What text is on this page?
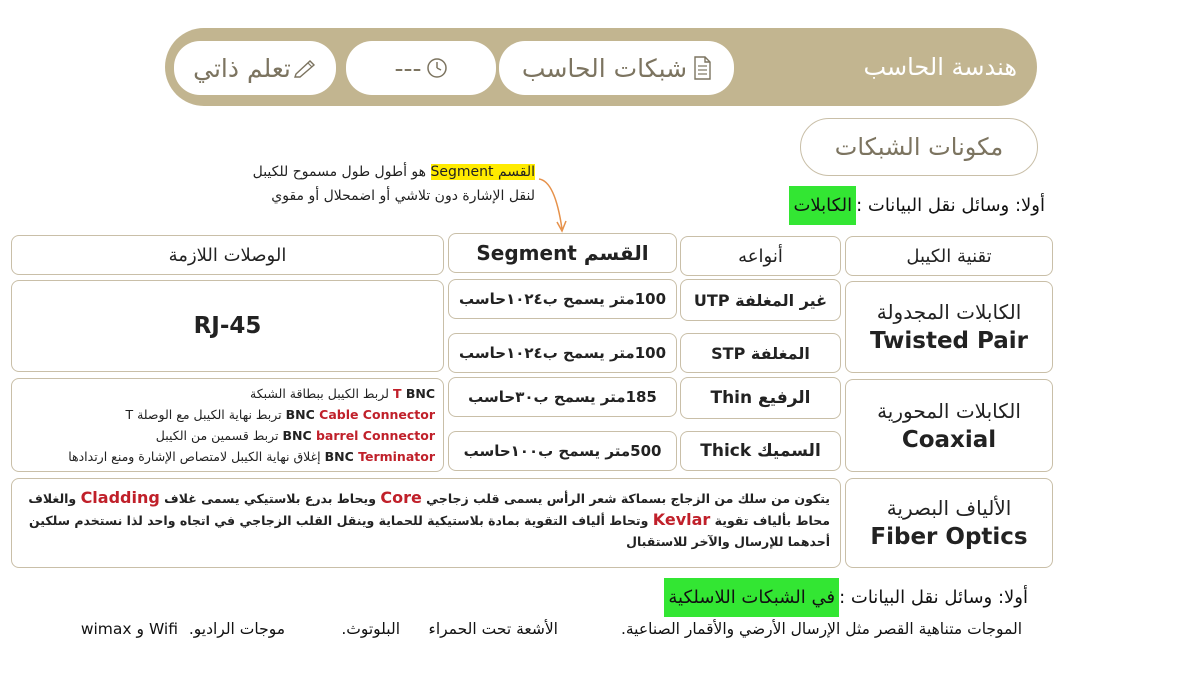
هندسة الحاسب
شبكات الحاسب
---
تعلم ذاتي
مكونات الشبكات
القسم Segment هو أطول طول مسموح للكيبل
لنقل الإشارة دون تلاشي أو اضمحلال أو مقوي	أولا: وسائل نقل البيانات :
الكابلات
تقنية الكيبل
أنواعه
القسم Segment
الوصلات اللازمة
الكابلات المجدولة
Twisted Pair
غير المغلفة UTP
100متر يسمح ب١٠٢٤حاسب
المغلفة STP
100متر يسمح ب١٠٢٤حاسب
RJ-45
الكابلات المحورية
Coaxial
الرفيع Thin
185متر يسمح ب٣٠حاسب
السميك Thick
500متر يسمح ب١٠٠حاسب
T BNC لربط الكيبل ببطاقة الشبكة
BNC Cable Connector تربط نهاية الكيبل مع الوصلة T
BNC barrel Connector تربط قسمين من الكيبل
BNC Terminator إغلاق نهاية الكيبل لامتصاص الإشارة ومنع ارتدادها
الألياف البصرية
Fiber Optics
يتكون من سلك من الزجاج بسماكة شعر الرأس يسمى قلب زجاجي Core ويحاط بدرع بلاستيكي يسمى غلاف Cladding والغلاف محاط بألياف تقوية Kevlar وتحاط ألياف التقوية بمادة بلاستيكية للحماية وينقل القلب الزجاجي في اتجاه واحد لذا نستخدم سلكين أحدهما للإرسال والآخر للاستقبال
أولا: وسائل نقل البيانات :
في الشبكات اللاسلكية
الموجات متناهية القصر مثل الإرسال الأرضي والأقمار الصناعية.
الأشعة تحت الحمراء
البلوتوث.
موجات الراديو.
Wifi و wimax
